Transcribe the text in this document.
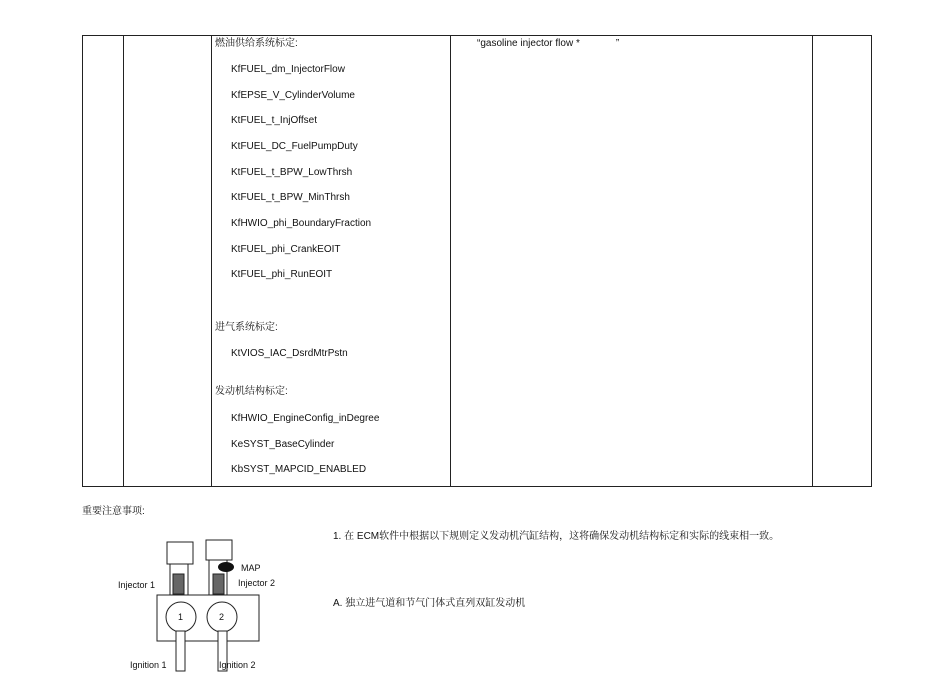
燃油供给系统标定:
KfFUEL_dm_InjectorFlow
KfEPSE_V_CylinderVolume
KtFUEL_t_InjOffset
KtFUEL_DC_FuelPumpDuty
KtFUEL_t_BPW_LowThrsh
KtFUEL_t_BPW_MinThrsh
KfHWIO_phi_BoundaryFraction
KtFUEL_phi_CrankEOIT
KtFUEL_phi_RunEOIT
进气系统标定:
KtVIOS_IAC_DsrdMtrPstn
发动机结构标定:
KfHWIO_EngineConfig_inDegree
KeSYST_BaseCylinder
KbSYST_MAPCID_ENABLED
“gasoline injector flow *	”
重要注意事项:
1. 在 ECM软件中根据以下规则定义发动机汽缸结构，这将确保发动机结构标定和实际的线束相一致。
A. 独立进气道和节气门体式直列双缸发动机
MAP
Injector 2
Injector 1
1	2
Ignition 1	Ignition 2
